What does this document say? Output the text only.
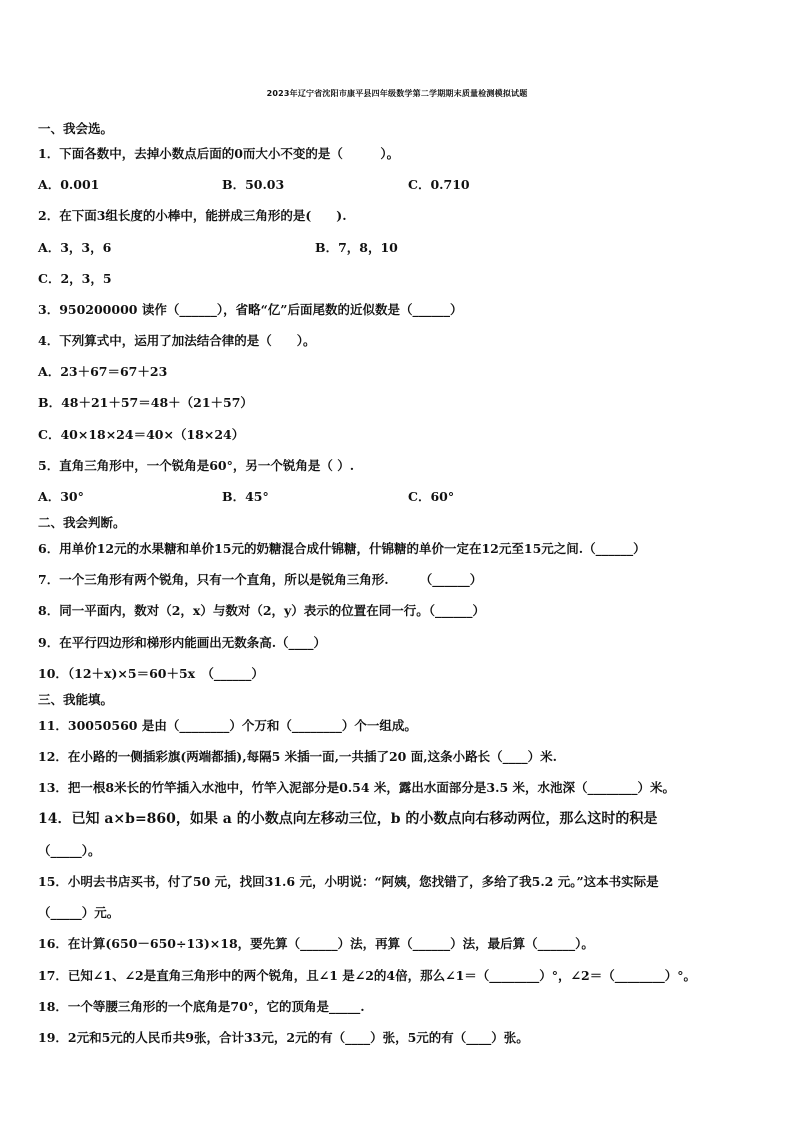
2023年辽宁省沈阳市康平县四年级数学第二学期期末质量检测模拟试题
一、我会选。
1．下面各数中，去掉小数点后面的0而大小不变的是（　　　）。
A．0.001	B．50.03	C．0.710
2．在下面3组长度的小棒中，能拼成三角形的是(　　).
A．3，3，6	B．7，8，10
C．2，3，5
3．950200000 读作（______），省略“亿”后面尾数的近似数是（______）
4．下列算式中，运用了加法结合律的是（　　）。
A．23＋67＝67＋23
B．48＋21＋57＝48＋（21＋57）
C．40×18×24＝40×（18×24）
5．直角三角形中，一个锐角是60°，另一个锐角是（ ）.
A．30°	B．45°	C．60°
二、我会判断。
6．用单价12元的水果糖和单价15元的奶糖混合成什锦糖，什锦糖的单价一定在12元至15元之间.（______）
7．一个三角形有两个锐角，只有一个直角，所以是锐角三角形.　　　（______）
8．同一平面内，数对（2，x）与数对（2，y）表示的位置在同一行。（______）
9．在平行四边形和梯形内能画出无数条高.（____）
10．（12＋x)×5＝60＋5x　（______）
三、我能填。
11．30050560 是由（________）个万和（________）个一组成。
12．在小路的一侧插彩旗(两端都插),每隔5 米插一面,一共插了20 面,这条小路长（____）米.
13．把一根8米长的竹竿插入水池中，竹竿入泥部分是0.54 米，露出水面部分是3.5 米，水池深（________）米。
14．已知 a×b=860，如果 a 的小数点向左移动三位，b 的小数点向右移动两位，那么这时的积是
（_____）。
15．小明去书店买书，付了50 元，找回31.6 元，小明说：“阿姨，您找错了，多给了我5.2 元。”这本书实际是
（_____）元。
16．在计算(650－650÷13)×18，要先算（______）法，再算（______）法，最后算（______）。
17．已知∠1、∠2是直角三角形中的两个锐角，且∠1 是∠2的4倍，那么∠1＝（________）°，∠2＝（________）°。
18．一个等腰三角形的一个底角是70°，它的顶角是_____.
19．2元和5元的人民币共9张，合计33元，2元的有（____）张，5元的有（____）张。
